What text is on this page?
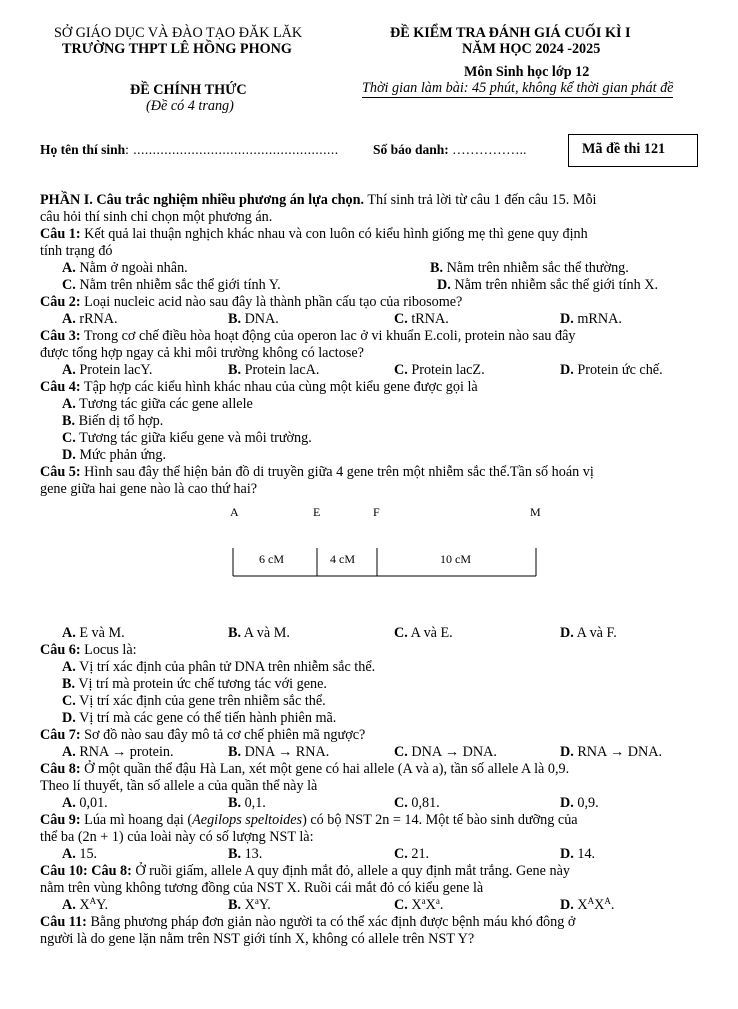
SỞ GIÁO DỤC VÀ ĐÀO TẠO ĐĂK LĂK
TRƯỜNG THPT LÊ HỒNG PHONG
ĐỀ KIỂM TRA ĐÁNH GIÁ CUỐI KÌ I
NĂM HỌC 2024 -2025
Môn Sinh học lớp 12
Thời gian làm bài: 45 phút, không kể thời gian phát đề
ĐỀ CHÍNH THỨC
(Đề có 4 trang)
Họ tên thí sinh: .....................................................	Số báo danh: ……………..	Mã đề thi 121
PHẦN I. Câu trắc nghiệm nhiều phương án lựa chọn. Thí sinh trả lời từ câu 1 đến câu 15. Mỗi
câu hỏi thí sinh chỉ chọn một phương án.
Câu 1: Kết quả lai thuận nghịch khác nhau và con luôn có kiểu hình giống mẹ thì gene quy định
tính trạng đó
A. Nằm ở ngoài nhân.	B. Nằm trên nhiễm sắc thể thường.
C. Nằm trên nhiễm sắc thể giới tính Y.	D. Nằm trên nhiễm sắc thể giới tính X.
Câu 2: Loại nucleic acid nào sau đây là thành phần cấu tạo của ribosome?
A. rRNA.	B. DNA.	C. tRNA.	D. mRNA.
Câu 3: Trong cơ chế điều hòa hoạt động của operon lac ở vi khuẩn E.coli, protein nào sau đây
được tổng hợp ngay cả khi môi trường không có lactose?
A. Protein lacY.	B. Protein lacA.	C. Protein lacZ.	D. Protein ức chế.
Câu 4: Tập hợp các kiểu hình khác nhau của cùng một kiểu gene được gọi là
A. Tương tác giữa các gene allele
B. Biến dị tổ hợp.
C. Tương tác giữa kiểu gene và môi trường.
D. Mức phản ứng.
Câu 5: Hình sau đây thể hiện bản đồ di truyền giữa 4 gene trên một nhiễm sắc thể.Tần số hoán vị
gene giữa hai gene nào là cao thứ hai?
A	E	F	M
6 cM	4 cM	10 cM
A. E và M.	B. A và M.	C. A và E.	D. A và F.
Câu 6: Locus là:
A. Vị trí xác định của phân tử DNA trên nhiễm sắc thể.
B. Vị trí mà protein ức chế tương tác với gene.
C. Vị trí xác định của gene trên nhiễm sắc thể.
D. Vị trí mà các gene có thể tiến hành phiên mã.
Câu 7: Sơ đồ nào sau đây mô tả cơ chế phiên mã ngược?
A. RNA → protein.	B. DNA → RNA.	C. DNA → DNA.	D. RNA → DNA.
Câu 8: Ở một quần thể đậu Hà Lan, xét một gene có hai allele (A và a), tần số allele A là 0,9.
Theo lí thuyết, tần số allele a của quần thể này là
A. 0,01.	B. 0,1.	C. 0,81.	D. 0,9.
Câu 9: Lúa mì hoang dại (Aegilops speltoides) có bộ NST 2n = 14. Một tế bào sinh dưỡng của
thể ba (2n + 1) của loài này có số lượng NST là:
A. 15.	B. 13.	C. 21.	D. 14.
Câu 10: Câu 8: Ở ruồi giấm, allele A quy định mắt đỏ, allele a quy định mắt trắng. Gene này
nằm trên vùng không tương đồng của NST X. Ruồi cái mắt đỏ có kiểu gene là
A. $X^AY$.	B. $X^aY$.	C. $X^aX^a$.	D. $X^AX^A$.
Câu 11: Bằng phương pháp đơn giản nào người ta có thể xác định được bệnh máu khó đông ở
người là do gene lặn nằm trên NST giới tính X, không có allele trên NST Y?
